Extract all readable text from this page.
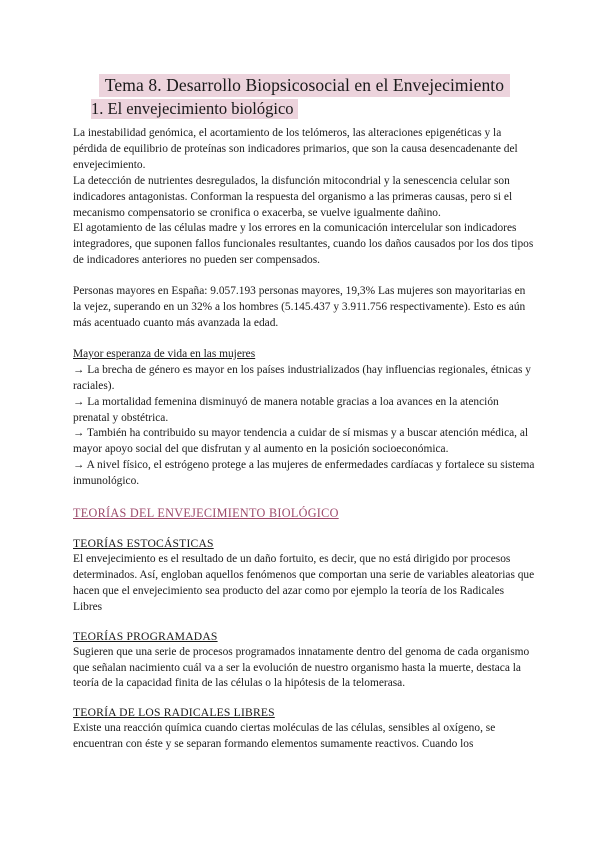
Tema 8. Desarrollo Biopsicosocial en el Envejecimiento
1. El envejecimiento biológico

La inestabilidad genómica, el acortamiento de los telómeros, las alteraciones epigenéticas y la pérdida de equilibrio de proteínas son indicadores primarios, que son la causa desencadenante del envejecimiento.

La detección de nutrientes desregulados, la disfunción mitocondrial y la senescencia celular son indicadores antagonistas. Conforman la respuesta del organismo a las primeras causas, pero si el mecanismo compensatorio se cronifica o exacerba, se vuelve igualmente dañino.

El agotamiento de las células madre y los errores en la comunicación intercelular son indicadores integradores, que suponen fallos funcionales resultantes, cuando los daños causados por los dos tipos de indicadores anteriores no pueden ser compensados.

Personas mayores en España: 9.057.193 personas mayores, 19,3% Las mujeres son mayoritarias en la vejez, superando en un 32% a los hombres (5.145.437 y 3.911.756 respectivamente). Esto es aún más acentuado cuanto más avanzada la edad.

Mayor esperanza de vida en las mujeres

→ La brecha de género es mayor en los países industrializados (hay influencias regionales, étnicas y raciales).

→ La mortalidad femenina disminuyó de manera notable gracias a loa avances en la atención prenatal y obstétrica.

→ También ha contribuido su mayor tendencia a cuidar de sí mismas y a buscar atención médica, al mayor apoyo social del que disfrutan y al aumento en la posición socioeconómica.

→ A nivel físico, el estrógeno protege a las mujeres de enfermedades cardíacas y fortalece su sistema inmunológico.

TEORÍAS DEL ENVEJECIMIENTO BIOLÓGICO

TEORÍAS ESTOCÁSTICAS

El envejecimiento es el resultado de un daño fortuito, es decir, que no está dirigido por procesos determinados. Así, engloban aquellos fenómenos que comportan una serie de variables aleatorias que hacen que el envejecimiento sea producto del azar como por ejemplo la teoría de los Radicales Libres

TEORÍAS PROGRAMADAS

Sugieren que una serie de procesos programados innatamente dentro del genoma de cada organismo que señalan nacimiento cuál va a ser la evolución de nuestro organismo hasta la muerte, destaca la teoría de la capacidad finita de las células o la hipótesis de la telomerasa.

TEORÍA DE LOS RADICALES LIBRES

Existe una reacción química cuando ciertas moléculas de las células, sensibles al oxígeno, se encuentran con éste y se separan formando elementos sumamente reactivos. Cuando los
